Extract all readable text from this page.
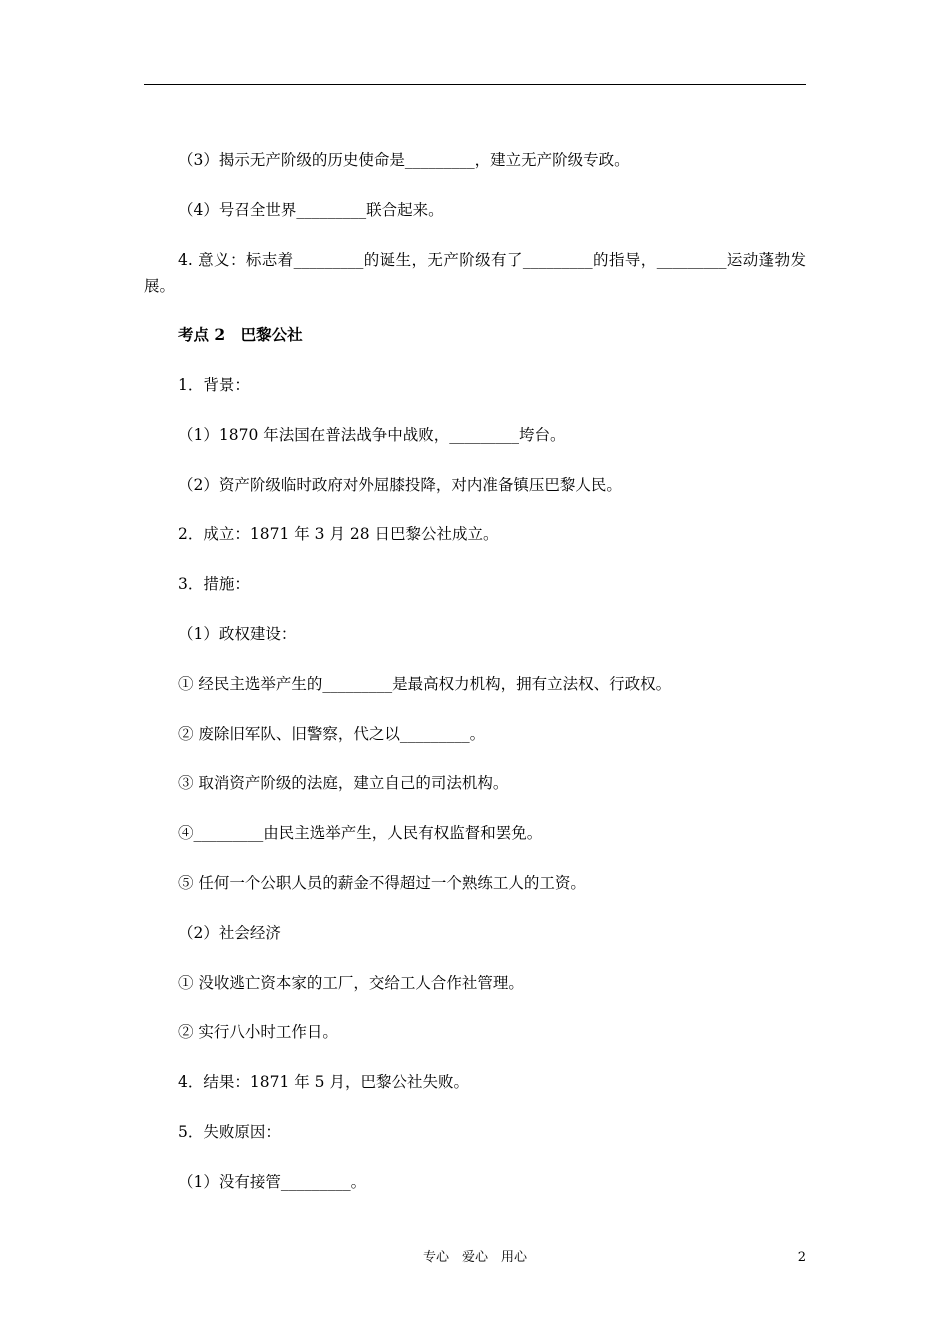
（3）揭示无产阶级的历史使命是_________，建立无产阶级专政。
（4）号召全世界_________联合起来。
4. 意义：标志着_________的诞生，无产阶级有了_________的指导，_________运动蓬勃发展。
考点 2　巴黎公社
1．背景：
（1）1870 年法国在普法战争中战败，_________垮台。
（2）资产阶级临时政府对外屈膝投降，对内准备镇压巴黎人民。
2．成立：1871 年 3 月 28 日巴黎公社成立。
3．措施：
（1）政权建设：
① 经民主选举产生的_________是最高权力机构，拥有立法权、行政权。
② 废除旧军队、旧警察，代之以_________。
③ 取消资产阶级的法庭，建立自己的司法机构。
④_________由民主选举产生，人民有权监督和罢免。
⑤ 任何一个公职人员的薪金不得超过一个熟练工人的工资。
（2）社会经济
① 没收逃亡资本家的工厂，交给工人合作社管理。
② 实行八小时工作日。
4．结果：1871 年 5 月，巴黎公社失败。
5．失败原因：
（1）没有接管_________。
专心　爱心　用心	2
